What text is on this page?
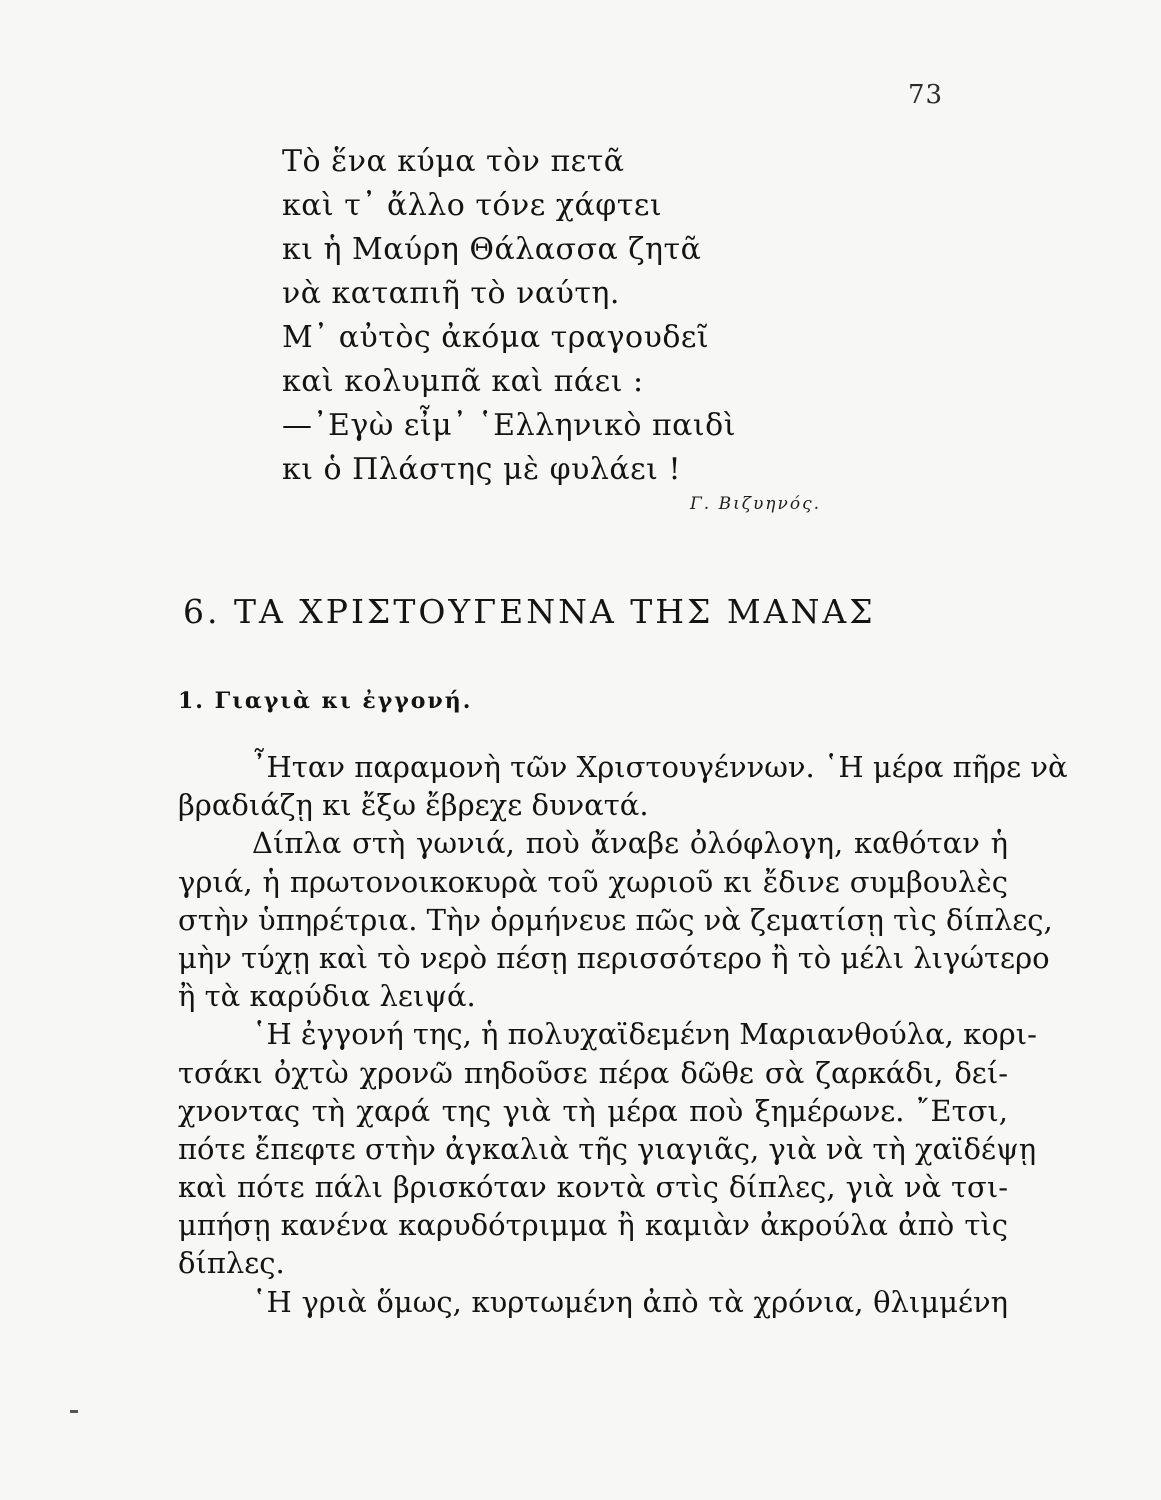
73
Τὸ ἕνα κύμα τὸν πετᾶ
καὶ τ᾿ ἄλλο τόνε χάφτει
κι ἡ Μαύρη Θάλασσα ζητᾶ
νὰ καταπιῆ τὸ ναύτη.
Μ᾿ αὐτὸς ἀκόμα τραγουδεῖ
καὶ κολυμπᾶ καὶ πάει :
—᾿Εγὼ εἶμ᾿ ῾Ελληνικὸ παιδὶ
κι ὁ Πλάστης μὲ φυλάει !
Γ. Βιζυηνός.
6. ΤΑ ΧΡΙΣΤΟΥΓΕΝΝΑ ΤΗΣ ΜΑΝΑΣ
1. Γιαγιὰ κι ἐγγονή.
῏Ηταν παραμονὴ τῶν Χριστουγέννων. ῾Η μέρα πῆρε νὰ
βραδιάζῃ κι ἔξω ἔβρεχε δυνατά.
Δίπλα στὴ γωνιά, ποὺ ἄναβε ὀλόφλογη, καθόταν ἡ
γριά, ἡ πρωτονοικοκυρὰ τοῦ χωριοῦ κι ἔδινε συμβουλὲς
στὴν ὑπηρέτρια. Τὴν ὁρμήνευε πῶς νὰ ζεματίσῃ τὶς δίπλες,
μὴν τύχῃ καὶ τὸ νερὸ πέσῃ περισσότερο ἢ τὸ μέλι λιγώτερο
ἢ τὰ καρύδια λειψά.
῾Η ἐγγονή της, ἡ πολυχαϊδεμένη Μαριανθούλα, κορι-
τσάκι ὀχτὼ χρονῶ πηδοῦσε πέρα δῶθε σὰ ζαρκάδι, δεί-
χνοντας τὴ χαρά της γιὰ τὴ μέρα ποὺ ξημέρωνε. ῎Ετσι,
πότε ἔπεφτε στὴν ἀγκαλιὰ τῆς γιαγιᾶς, γιὰ νὰ τὴ χαϊδέψῃ
καὶ πότε πάλι βρισκόταν κοντὰ στὶς δίπλες, γιὰ νὰ τσι-
μπήσῃ κανένα καρυδότριμμα ἢ καμιὰν ἀκρούλα ἀπὸ τὶς
δίπλες.
῾Η γριὰ ὅμως, κυρτωμένη ἀπὸ τὰ χρόνια, θλιμμένη
